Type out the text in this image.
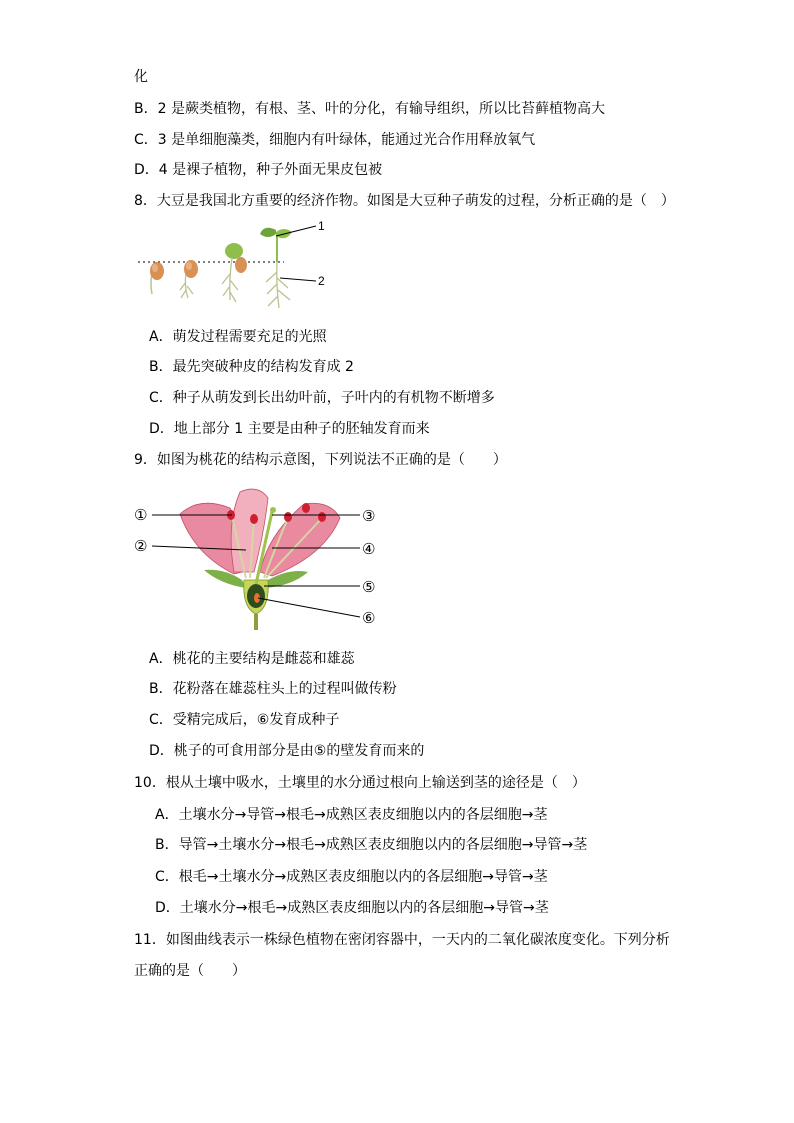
化
B．2 是蕨类植物，有根、茎、叶的分化，有输导组织，所以比苔藓植物高大
C．3 是单细胞藻类，细胞内有叶绿体，能通过光合作用释放氧气
D．4 是裸子植物，种子外面无果皮包被
8．大豆是我国北方重要的经济作物。如图是大豆种子萌发的过程，分析正确的是（　）
1
2
A．萌发过程需要充足的光照
B．最先突破种皮的结构发育成 2
C．种子从萌发到长出幼叶前，子叶内的有机物不断增多
D．地上部分 1 主要是由种子的胚轴发育而来
9．如图为桃花的结构示意图，下列说法不正确的是（　　）
①
②
③
④
⑤
⑥
A．桃花的主要结构是雌蕊和雄蕊
B．花粉落在雄蕊柱头上的过程叫做传粉
C．受精完成后，⑥发育成种子
D．桃子的可食用部分是由⑤的壁发育而来的
10．根从土壤中吸水，土壤里的水分通过根向上输送到茎的途径是（　）
A．土壤水分→导管→根毛→成熟区表皮细胞以内的各层细胞→茎
B．导管→土壤水分→根毛→成熟区表皮细胞以内的各层细胞→导管→茎
C．根毛→土壤水分→成熟区表皮细胞以内的各层细胞→导管→茎
D．土壤水分→根毛→成熟区表皮细胞以内的各层细胞→导管→茎
11．如图曲线表示一株绿色植物在密闭容器中，一天内的二氧化碳浓度变化。下列分析
正确的是（　　）
